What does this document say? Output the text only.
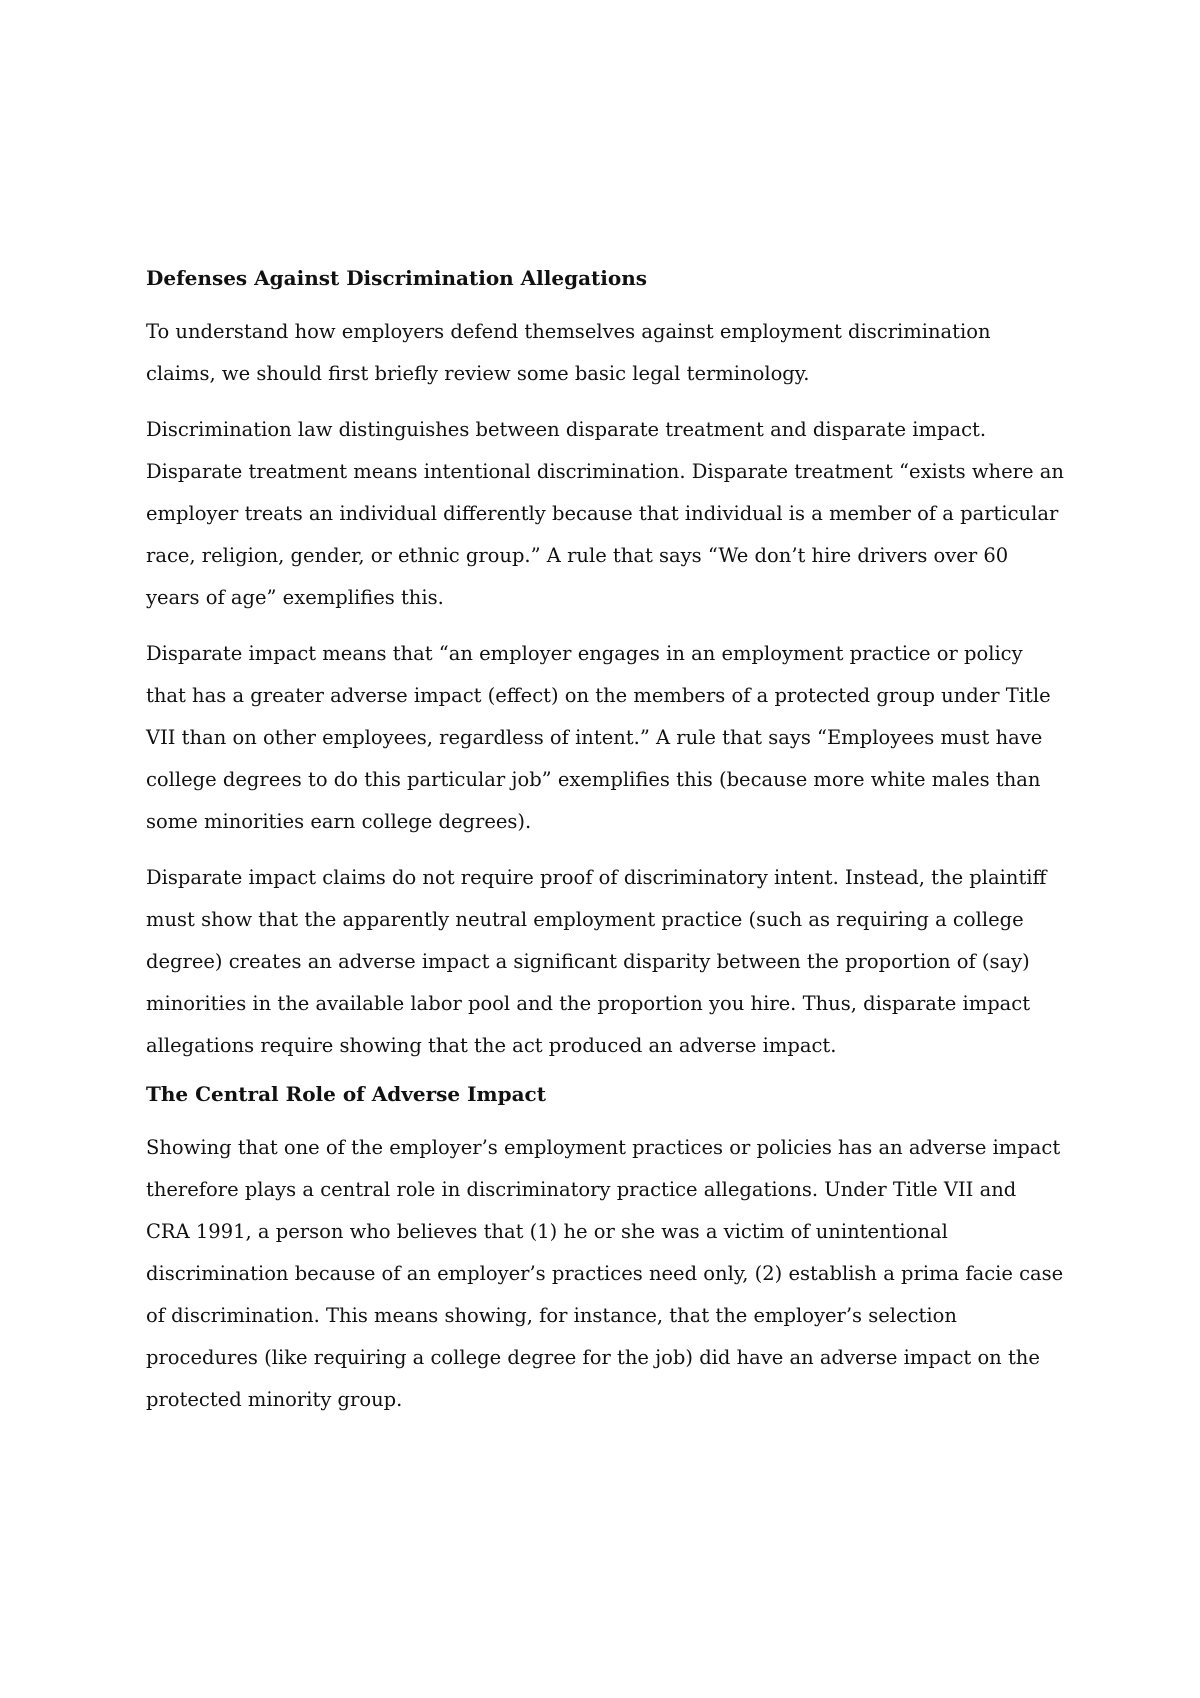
Defenses Against Discrimination Allegations

To understand how employers defend themselves against employment discrimination claims, we should first briefly review some basic legal terminology.

Discrimination law distinguishes between disparate treatment and disparate impact. Disparate treatment means intentional discrimination. Disparate treatment “exists where an employer treats an individual differently because that individual is a member of a particular race, religion, gender, or ethnic group.” A rule that says “We don’t hire drivers over 60 years of age” exemplifies this.

Disparate impact means that “an employer engages in an employment practice or policy that has a greater adverse impact (effect) on the members of a protected group under Title VII than on other employees, regardless of intent.” A rule that says “Employees must have college degrees to do this particular job” exemplifies this (because more white males than some minorities earn college degrees).

Disparate impact claims do not require proof of discriminatory intent. Instead, the plaintiff must show that the apparently neutral employment practice (such as requiring a college degree) creates an adverse impact a significant disparity between the proportion of (say) minorities in the available labor pool and the proportion you hire. Thus, disparate impact allegations require showing that the act produced an adverse impact.

The Central Role of Adverse Impact

Showing that one of the employer’s employment practices or policies has an adverse impact therefore plays a central role in discriminatory practice allegations. Under Title VII and CRA 1991, a person who believes that (1) he or she was a victim of unintentional discrimination because of an employer’s practices need only, (2) establish a prima facie case of discrimination. This means showing, for instance, that the employer’s selection procedures (like requiring a college degree for the job) did have an adverse impact on the protected minority group.
